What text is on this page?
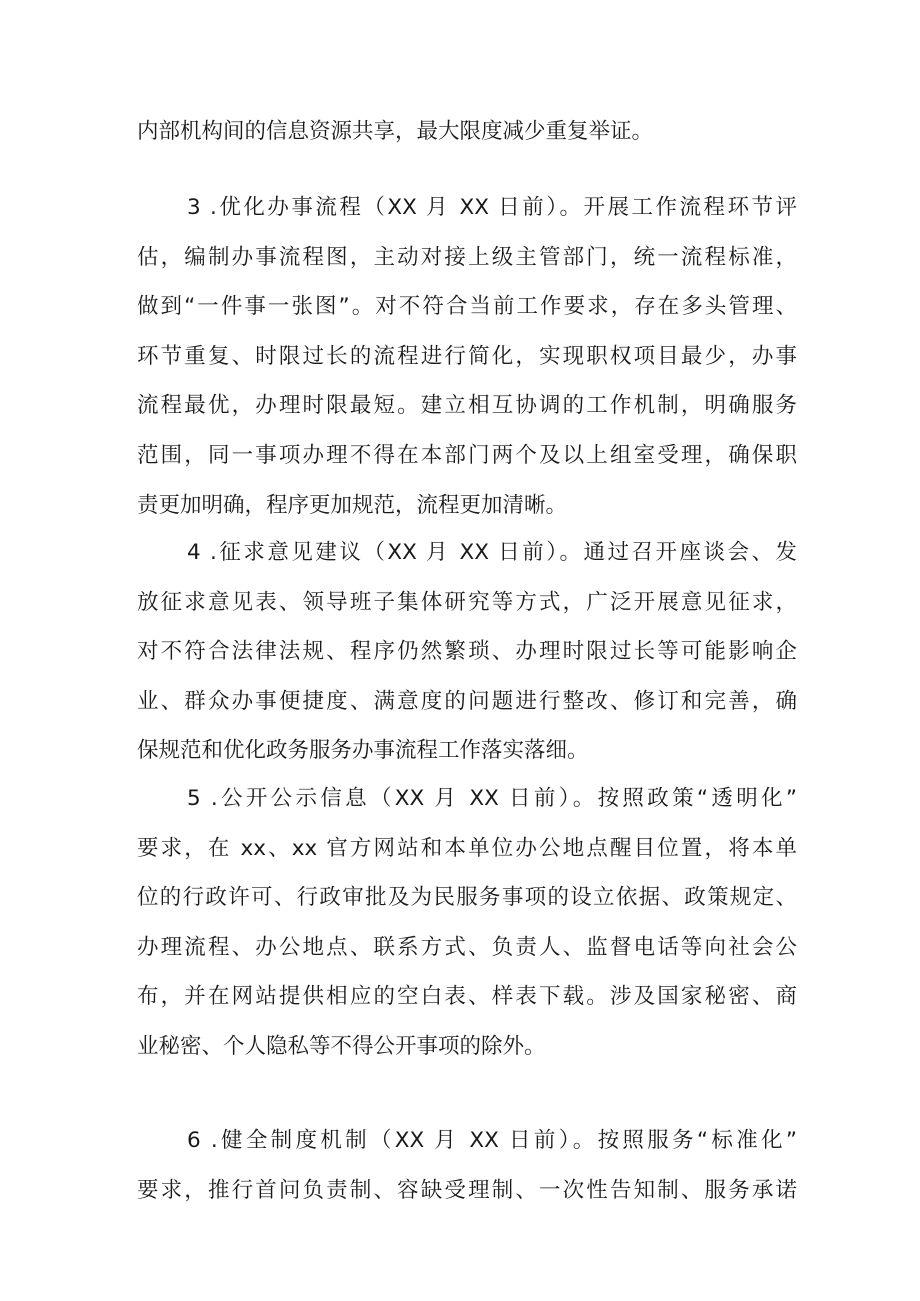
内部机构间的信息资源共享，最大限度减少重复举证。
3 .优化办事流程（XX 月 XX 日前）。开展工作流程环节评
估，编制办事流程图，主动对接上级主管部门，统一流程标准，
做到“一件事一张图”。对不符合当前工作要求，存在多头管理、
环节重复、时限过长的流程进行简化，实现职权项目最少，办事
流程最优，办理时限最短。建立相互协调的工作机制，明确服务
范围，同一事项办理不得在本部门两个及以上组室受理，确保职
责更加明确，程序更加规范，流程更加清晰。
4 .征求意见建议（XX 月 XX 日前）。通过召开座谈会、发
放征求意见表、领导班子集体研究等方式，广泛开展意见征求，
对不符合法律法规、程序仍然繁琐、办理时限过长等可能影响企
业、群众办事便捷度、满意度的问题进行整改、修订和完善，确
保规范和优化政务服务办事流程工作落实落细。
5 .公开公示信息（XX 月 XX 日前）。按照政策“透明化”
要求，在 xx、xx 官方网站和本单位办公地点醒目位置，将本单
位的行政许可、行政审批及为民服务事项的设立依据、政策规定、
办理流程、办公地点、联系方式、负责人、监督电话等向社会公
布，并在网站提供相应的空白表、样表下载。涉及国家秘密、商
业秘密、个人隐私等不得公开事项的除外。
6 .健全制度机制（XX 月 XX 日前）。按照服务“标准化”
要求，推行首问负责制、容缺受理制、一次性告知制、服务承诺
